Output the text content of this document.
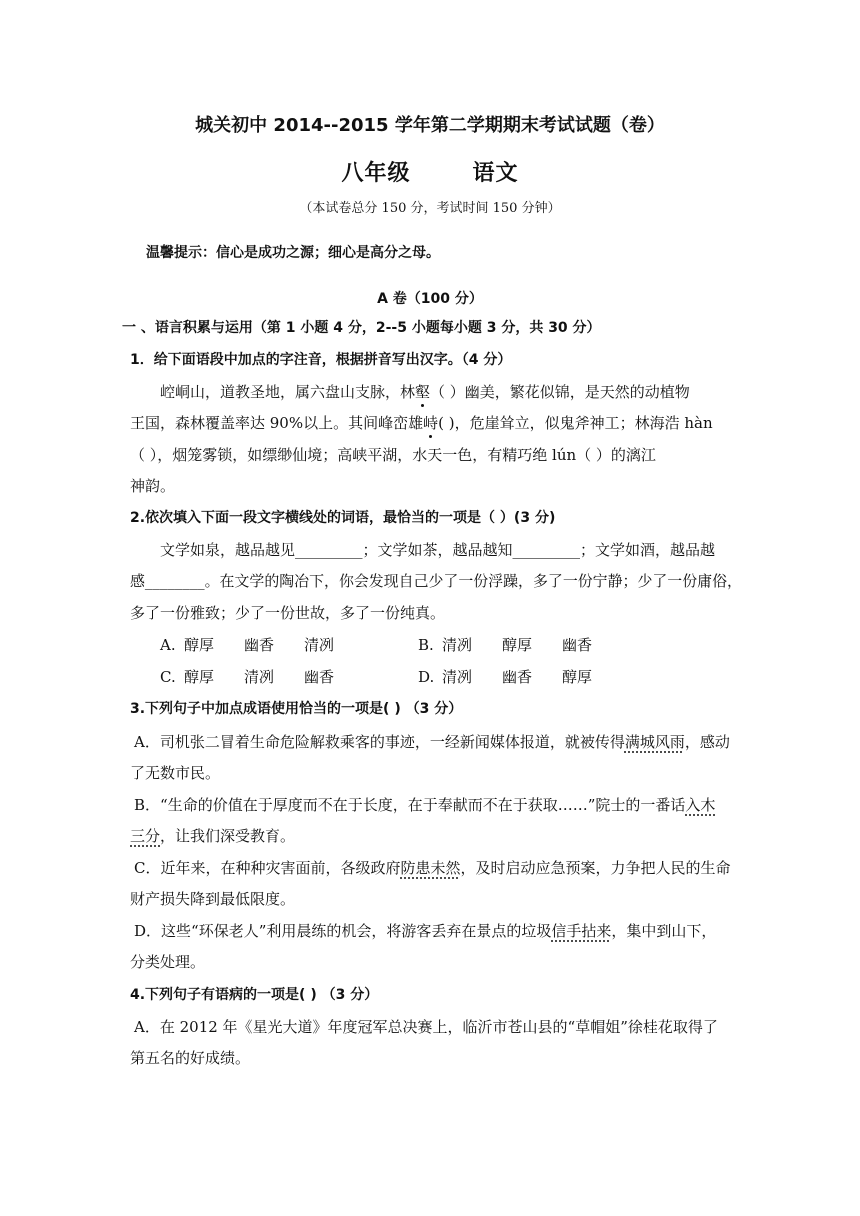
城关初中 2014--2015 学年第二学期期末考试试题（卷）
八年级	语文
（本试卷总分 150 分，考试时间 150 分钟）
温馨提示：信心是成功之源；细心是高分之母。
A 卷（100 分）
一 、语言积累与运用（第 1 小题 4 分，2--5 小题每小题 3 分，共 30 分）
1．给下面语段中加点的字注音，根据拼音写出汉字。（4 分）
崆峒山，道教圣地，属六盘山支脉，林壑（ ）幽美，繁花似锦，是天然的动植物
王国，森林覆盖率达 90%以上。其间峰峦雄峙( )，危崖耸立，似鬼斧神工；林海浩 hàn
（ ），烟笼雾锁，如缥缈仙境；高峡平湖，水天一色，有精巧绝 lún（ ）的漓江
神韵。
2.依次填入下面一段文字横线处的词语，最恰当的一项是（ ）(3 分)
文学如泉，越品越见_________；文学如茶，越品越知_________；文学如酒，越品越
感________。在文学的陶冶下，你会发现自己少了一份浮躁，多了一份宁静；少了一份庸俗，
多了一份雅致；少了一份世故，多了一份纯真。
A. 醇厚 幽香 清冽	B. 清冽 醇厚 幽香
C. 醇厚 清冽 幽香	D. 清冽 幽香 醇厚
3.下列句子中加点成语使用恰当的一项是( ) （3 分）
A．司机张二冒着生命危险解救乘客的事迹，一经新闻媒体报道，就被传得满城风雨，感动
了无数市民。
B．“生命的价值在于厚度而不在于长度，在于奉献而不在于获取……”院士的一番话入木
三分，让我们深受教育。
C．近年来，在种种灾害面前，各级政府防患未然，及时启动应急预案，力争把人民的生命
财产损失降到最低限度。
D．这些“环保老人”利用晨练的机会，将游客丢弃在景点的垃圾信手拈来，集中到山下，
分类处理。
4.下列句子有语病的一项是( ) （3 分）
A．在 2012 年《星光大道》年度冠军总决赛上，临沂市苍山县的“草帽姐”徐桂花取得了
第五名的好成绩。
